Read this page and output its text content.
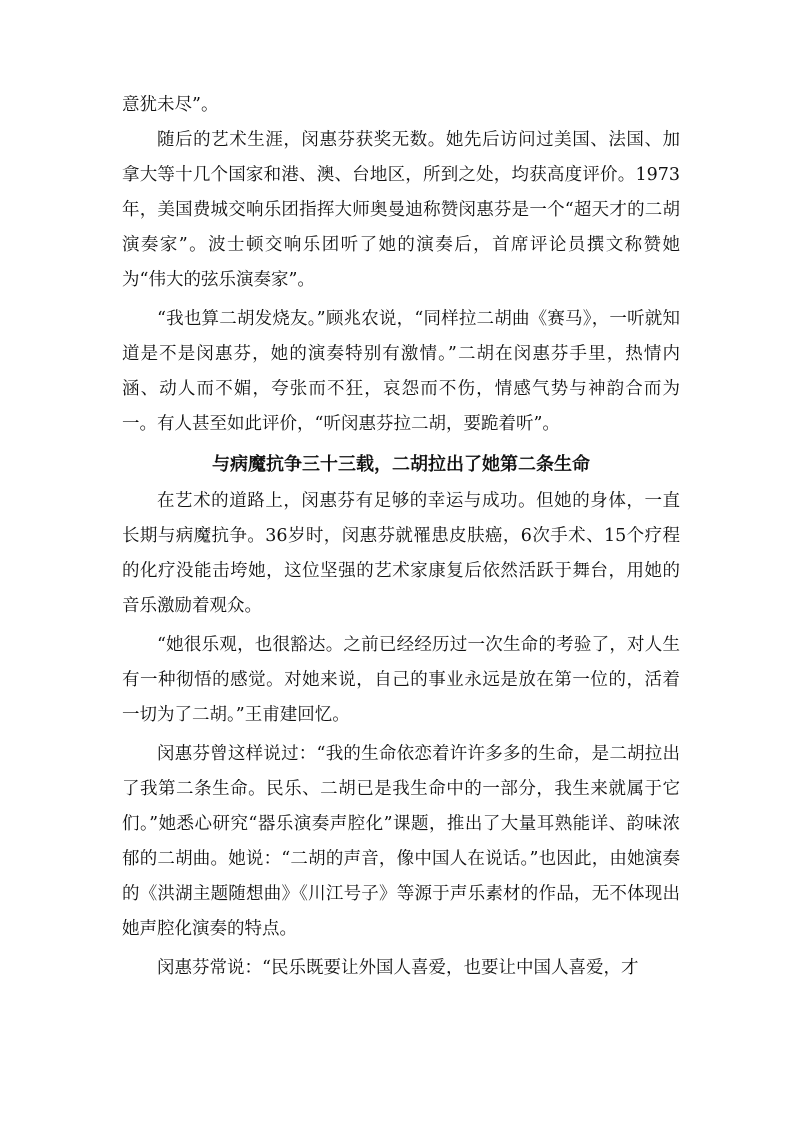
意犹未尽”。

随后的艺术生涯，闵惠芬获奖无数。她先后访问过美国、法国、加拿大等十几个国家和港、澳、台地区，所到之处，均获高度评价。1973年，美国费城交响乐团指挥大师奥曼迪称赞闵惠芬是一个“超天才的二胡演奏家”。波士顿交响乐团听了她的演奏后，首席评论员撰文称赞她为“伟大的弦乐演奏家”。

“我也算二胡发烧友。”顾兆农说，“同样拉二胡曲《赛马》，一听就知道是不是闵惠芬，她的演奏特别有激情。”二胡在闵惠芬手里，热情内涵、动人而不媚，夸张而不狂，哀怨而不伤，情感气势与神韵合而为一。有人甚至如此评价，“听闵惠芬拉二胡，要跪着听”。

与病魔抗争三十三载，二胡拉出了她第二条生命

在艺术的道路上，闵惠芬有足够的幸运与成功。但她的身体，一直长期与病魔抗争。36岁时，闵惠芬就罹患皮肤癌，6次手术、15个疗程的化疗没能击垮她，这位坚强的艺术家康复后依然活跃于舞台，用她的音乐激励着观众。

“她很乐观，也很豁达。之前已经经历过一次生命的考验了，对人生有一种彻悟的感觉。对她来说，自己的事业永远是放在第一位的，活着一切为了二胡。”王甫建回忆。

闵惠芬曾这样说过：“我的生命依恋着许许多多的生命，是二胡拉出了我第二条生命。民乐、二胡已是我生命中的一部分，我生来就属于它们。”她悉心研究“器乐演奏声腔化”课题，推出了大量耳熟能详、韵味浓郁的二胡曲。她说：“二胡的声音，像中国人在说话。”也因此，由她演奏的《洪湖主题随想曲》《川江号子》等源于声乐素材的作品，无不体现出她声腔化演奏的特点。

闵惠芬常说：“民乐既要让外国人喜爱，也要让中国人喜爱，才
